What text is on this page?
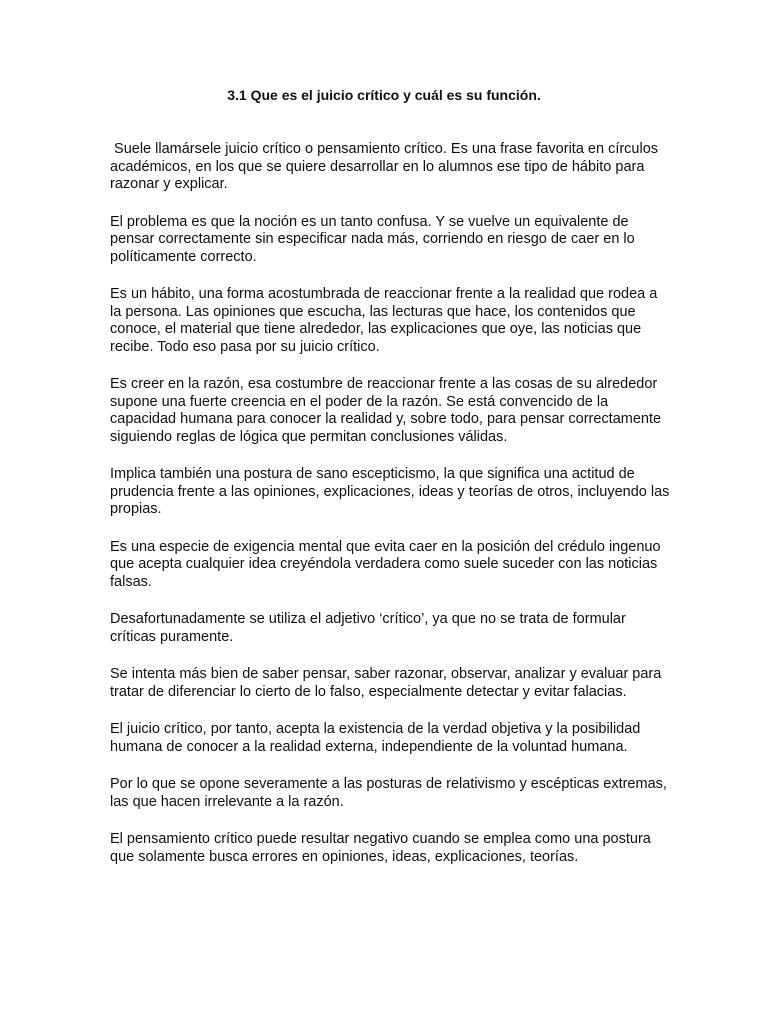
3.1 Que es el juicio crítico y cuál es su función.

Suele llamársele juicio crítico o pensamiento crítico. Es una frase favorita en círculos académicos, en los que se quiere desarrollar en lo alumnos ese tipo de hábito para razonar y explicar.

El problema es que la noción es un tanto confusa. Y se vuelve un equivalente de pensar correctamente sin especificar nada más, corriendo en riesgo de caer en lo políticamente correcto.

Es un hábito, una forma acostumbrada de reaccionar frente a la realidad que rodea a la persona. Las opiniones que escucha, las lecturas que hace, los contenidos que conoce, el material que tiene alrededor, las explicaciones que oye, las noticias que recibe. Todo eso pasa por su juicio crítico.

Es creer en la razón, esa costumbre de reaccionar frente a las cosas de su alrededor supone una fuerte creencia en el poder de la razón. Se está convencido de la capacidad humana para conocer la realidad y, sobre todo, para pensar correctamente siguiendo reglas de lógica que permitan conclusiones válidas.

Implica también una postura de sano escepticismo, la que significa una actitud de prudencia frente a las opiniones, explicaciones, ideas y teorías de otros, incluyendo las propias.

Es una especie de exigencia mental que evita caer en la posición del crédulo ingenuo que acepta cualquier idea creyéndola verdadera como suele suceder con las noticias falsas.

Desafortunadamente se utiliza el adjetivo ‘crítico’, ya que no se trata de formular críticas puramente.

Se intenta más bien de saber pensar, saber razonar, observar, analizar y evaluar para tratar de diferenciar lo cierto de lo falso, especialmente detectar y evitar falacias.

El juicio crítico, por tanto, acepta la existencia de la verdad objetiva y la posibilidad humana de conocer a la realidad externa, independiente de la voluntad humana.

Por lo que se opone severamente a las posturas de relativismo y escépticas extremas, las que hacen irrelevante a la razón.

El pensamiento crítico puede resultar negativo cuando se emplea como una postura que solamente busca errores en opiniones, ideas, explicaciones, teorías.
